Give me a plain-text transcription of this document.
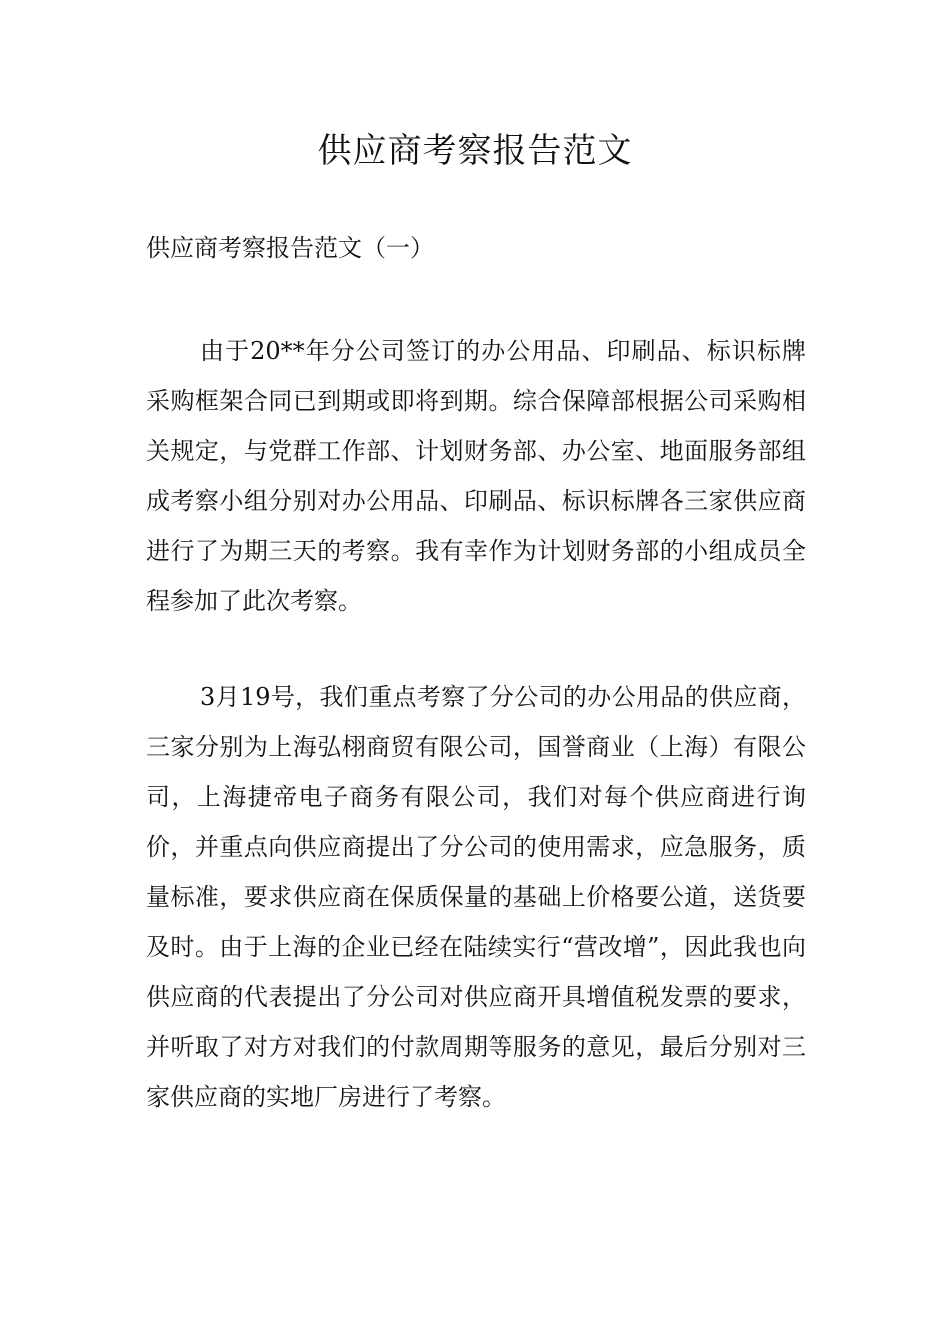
供应商考察报告范文

供应商考察报告范文（一）

由于20**年分公司签订的办公用品、印刷品、标识标牌采购框架合同已到期或即将到期。综合保障部根据公司采购相关规定，与党群工作部、计划财务部、办公室、地面服务部组成考察小组分别对办公用品、印刷品、标识标牌各三家供应商进行了为期三天的考察。我有幸作为计划财务部的小组成员全程参加了此次考察。

3月19号，我们重点考察了分公司的办公用品的供应商，三家分别为上海弘栩商贸有限公司，国誉商业（上海）有限公司，上海捷帝电子商务有限公司，我们对每个供应商进行询价，并重点向供应商提出了分公司的使用需求，应急服务，质量标准，要求供应商在保质保量的基础上价格要公道，送货要及时。由于上海的企业已经在陆续实行“营改增”，因此我也向供应商的代表提出了分公司对供应商开具增值税发票的要求，并听取了对方对我们的付款周期等服务的意见，最后分别对三家供应商的实地厂房进行了考察。
